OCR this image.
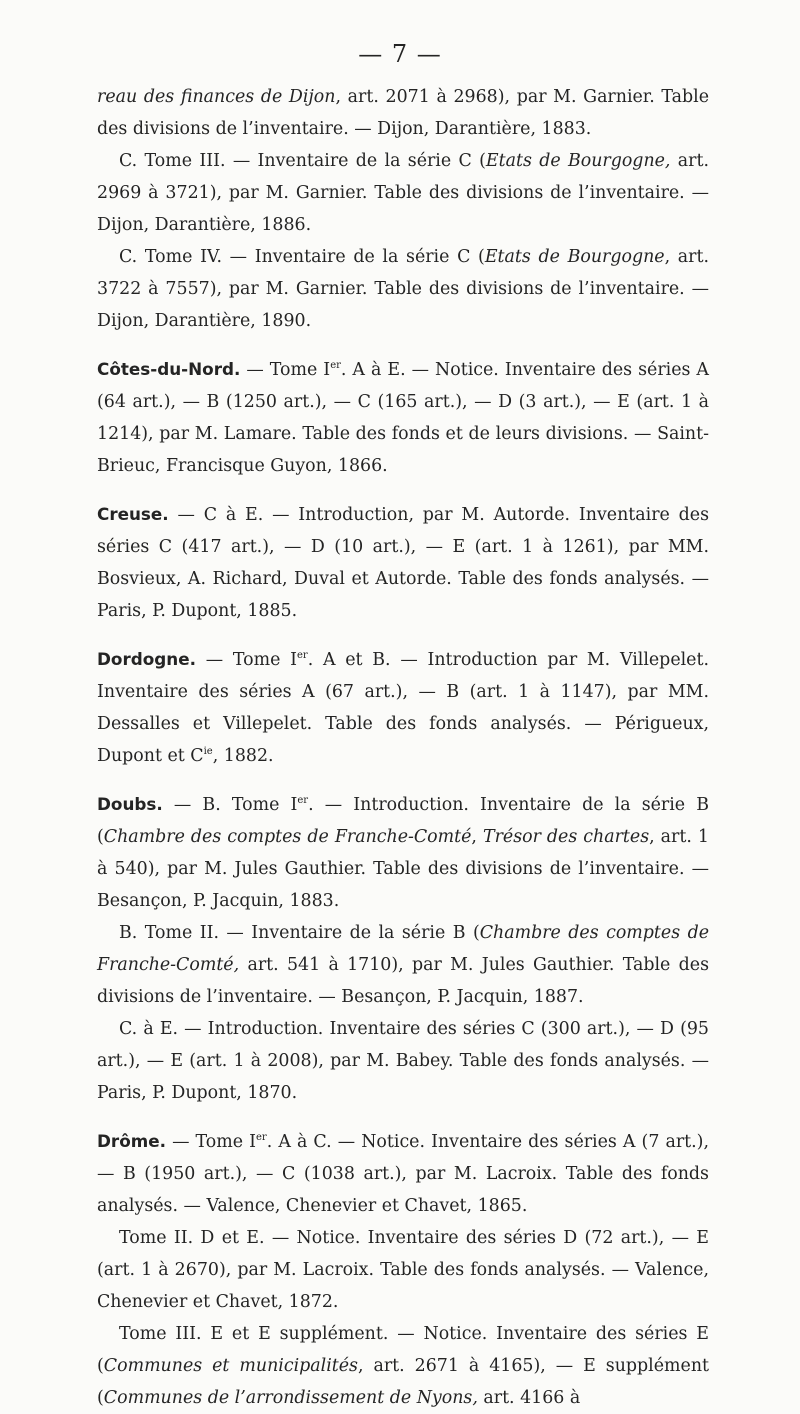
— 7 —

reau des finances de Dijon, art. 2071 à 2968), par M. Garnier. Table des divisions de l’inventaire. — Dijon, Darantière, 1883.

C. Tome III. — Inventaire de la série C (Etats de Bourgogne, art. 2969 à 3721), par M. Garnier. Table des divisions de l’inventaire. — Dijon, Darantière, 1886.

C. Tome IV. — Inventaire de la série C (Etats de Bourgogne, art. 3722 à 7557), par M. Garnier. Table des divisions de l’inventaire. — Dijon, Darantière, 1890.

Côtes-du-Nord. — Tome Ier. A à E. — Notice. Inventaire des séries A (64 art.), — B (1250 art.), — C (165 art.), — D (3 art.), — E (art. 1 à 1214), par M. Lamare. Table des fonds et de leurs divisions. — Saint-Brieuc, Francisque Guyon, 1866.

Creuse. — C à E. — Introduction, par M. Autorde. Inventaire des séries C (417 art.), — D (10 art.), — E (art. 1 à 1261), par MM. Bosvieux, A. Richard, Duval et Autorde. Table des fonds analysés. — Paris, P. Dupont, 1885.

Dordogne. — Tome Ier. A et B. — Introduction par M. Villepelet. Inventaire des séries A (67 art.), — B (art. 1 à 1147), par MM. Dessalles et Villepelet. Table des fonds analysés. — Périgueux, Dupont et $C^{ie}$, 1882.

Doubs. — B. Tome Ier. — Introduction. Inventaire de la série B (Chambre des comptes de Franche-Comté, Trésor des chartes, art. 1 à 540), par M. Jules Gauthier. Table des divisions de l’inventaire. — Besançon, P. Jacquin, 1883.

B. Tome II. — Inventaire de la série B (Chambre des comptes de Franche-Comté, art. 541 à 1710), par M. Jules Gauthier. Table des divisions de l’inventaire. — Besançon, P. Jacquin, 1887.

C. à E. — Introduction. Inventaire des séries C (300 art.), — D (95 art.), — E (art. 1 à 2008), par M. Babey. Table des fonds analysés. — Paris, P. Dupont, 1870.

Drôme. — Tome Ier. A à C. — Notice. Inventaire des séries A (7 art.), — B (1950 art.), — C (1038 art.), par M. Lacroix. Table des fonds analysés. — Valence, Chenevier et Chavet, 1865.

Tome II. D et E. — Notice. Inventaire des séries D (72 art.), — E (art. 1 à 2670), par M. Lacroix. Table des fonds analysés. — Valence, Chenevier et Chavet, 1872.

Tome III. E et E supplément. — Notice. Inventaire des séries E (Communes et municipalités, art. 2671 à 4165), — E supplément (Communes de l’arrondissement de Nyons, art. 4166 à
